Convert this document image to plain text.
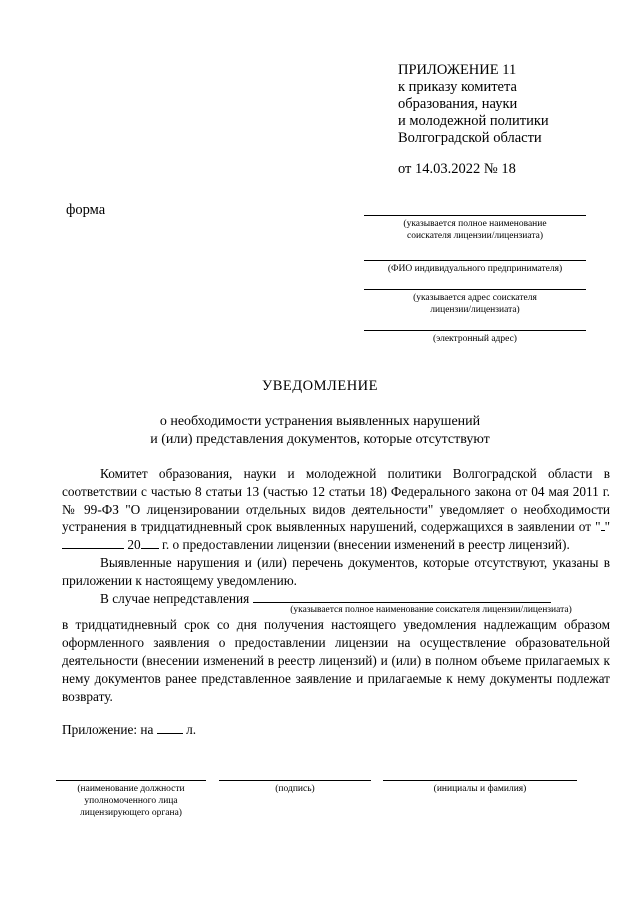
ПРИЛОЖЕНИЕ 11
к приказу комитета
образования, науки
и молодежной политики
Волгоградской области
от 14.03.2022 № 18
форма
(указывается полное наименование
соискателя лицензии/лицензиата)
(ФИО индивидуального предпринимателя)
(указывается адрес соискателя
лицензии/лицензиата)
(электронный адрес)
УВЕДОМЛЕНИЕ
о необходимости устранения выявленных нарушений
и (или) представления документов, которые отсутствуют

Комитет образования, науки и молодежной политики Волгоградской области в соответствии с частью 8 статьи 13 (частью 12 статьи 18) Федерального закона от 04 мая 2011 г. № 99-ФЗ "О лицензировании отдельных видов деятельности" уведомляет о необходимости устранения в тридцатидневный срок выявленных нарушений, содержащихся в заявлении от " "  20 г. о предоставлении лицензии (внесении изменений в реестр лицензий).

Выявленные нарушения и (или) перечень документов, которые отсутствуют, указаны в приложении к настоящему уведомлению.

В случае непредставления

(указывается полное наименование соискателя лицензии/лицензиата)

в тридцатидневный срок со дня получения настоящего уведомления надлежащим образом оформленного заявления о предоставлении лицензии на осуществление образовательной деятельности (внесении изменений в реестр лицензий) и (или) в полном объеме прилагаемых к нему документов ранее представленное заявление и прилагаемые к нему документы подлежат возврату.

Приложение: на л.
(наименование должности
уполномоченного лица
лицензирующего органа)
(подпись)	(инициалы и фамилия)
